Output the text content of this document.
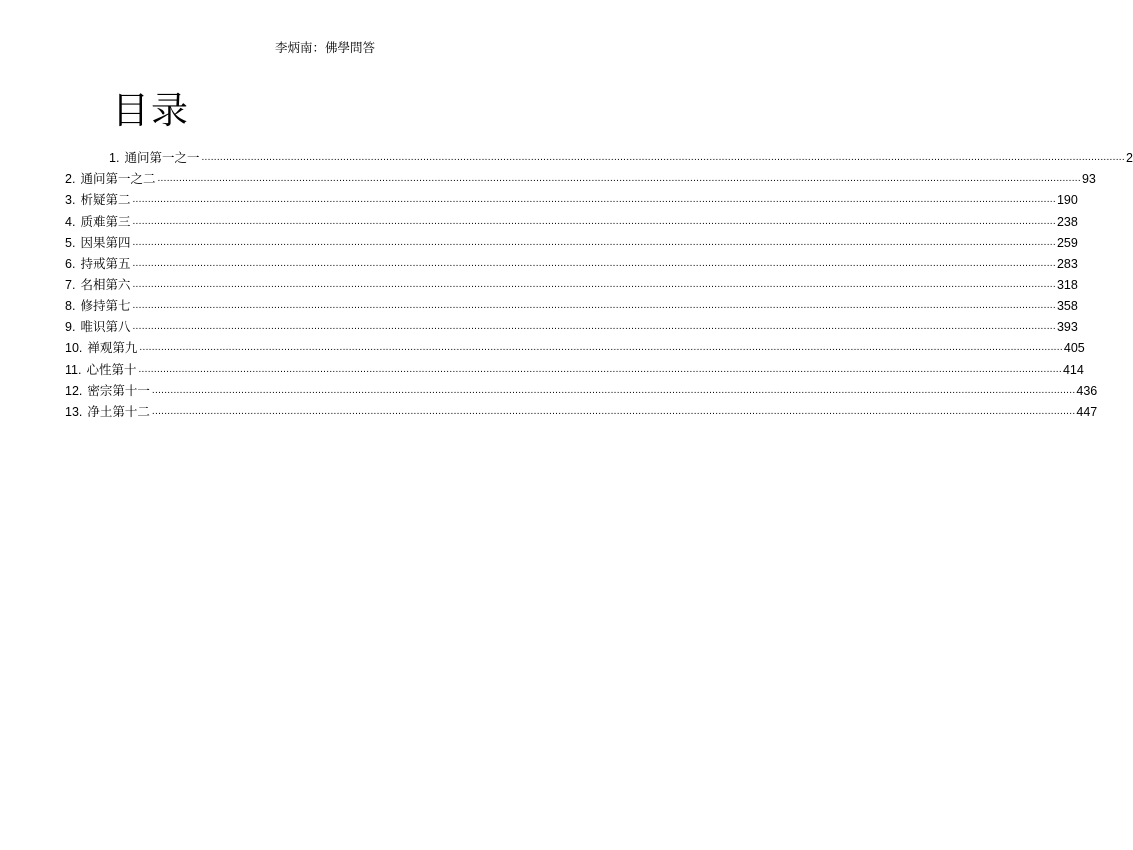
李炳南：佛學問答
目录
1. 通问第一之一 ............................................................................................................................................................................................................................................................................................................ 2
2. 通问第一之二 ............................................................................................................................................................................................................................................................................................................ 93
3. 析疑第二 ............................................................................................................................................................................................................................................................................................................ 190
4. 质难第三 ............................................................................................................................................................................................................................................................................................................ 238
5. 因果第四 ............................................................................................................................................................................................................................................................................................................ 259
6. 持戒第五 ............................................................................................................................................................................................................................................................................................................ 283
7. 名相第六 ............................................................................................................................................................................................................................................................................................................ 318
8. 修持第七 ............................................................................................................................................................................................................................................................................................................ 358
9. 唯识第八 ............................................................................................................................................................................................................................................................................................................ 393
10. 禅观第九 ............................................................................................................................................................................................................................................................................................................ 405
11. 心性第十 ............................................................................................................................................................................................................................................................................................................ 414
12. 密宗第十一 ............................................................................................................................................................................................................................................................................................................ 436
13. 净土第十二 ............................................................................................................................................................................................................................................................................................................ 447
